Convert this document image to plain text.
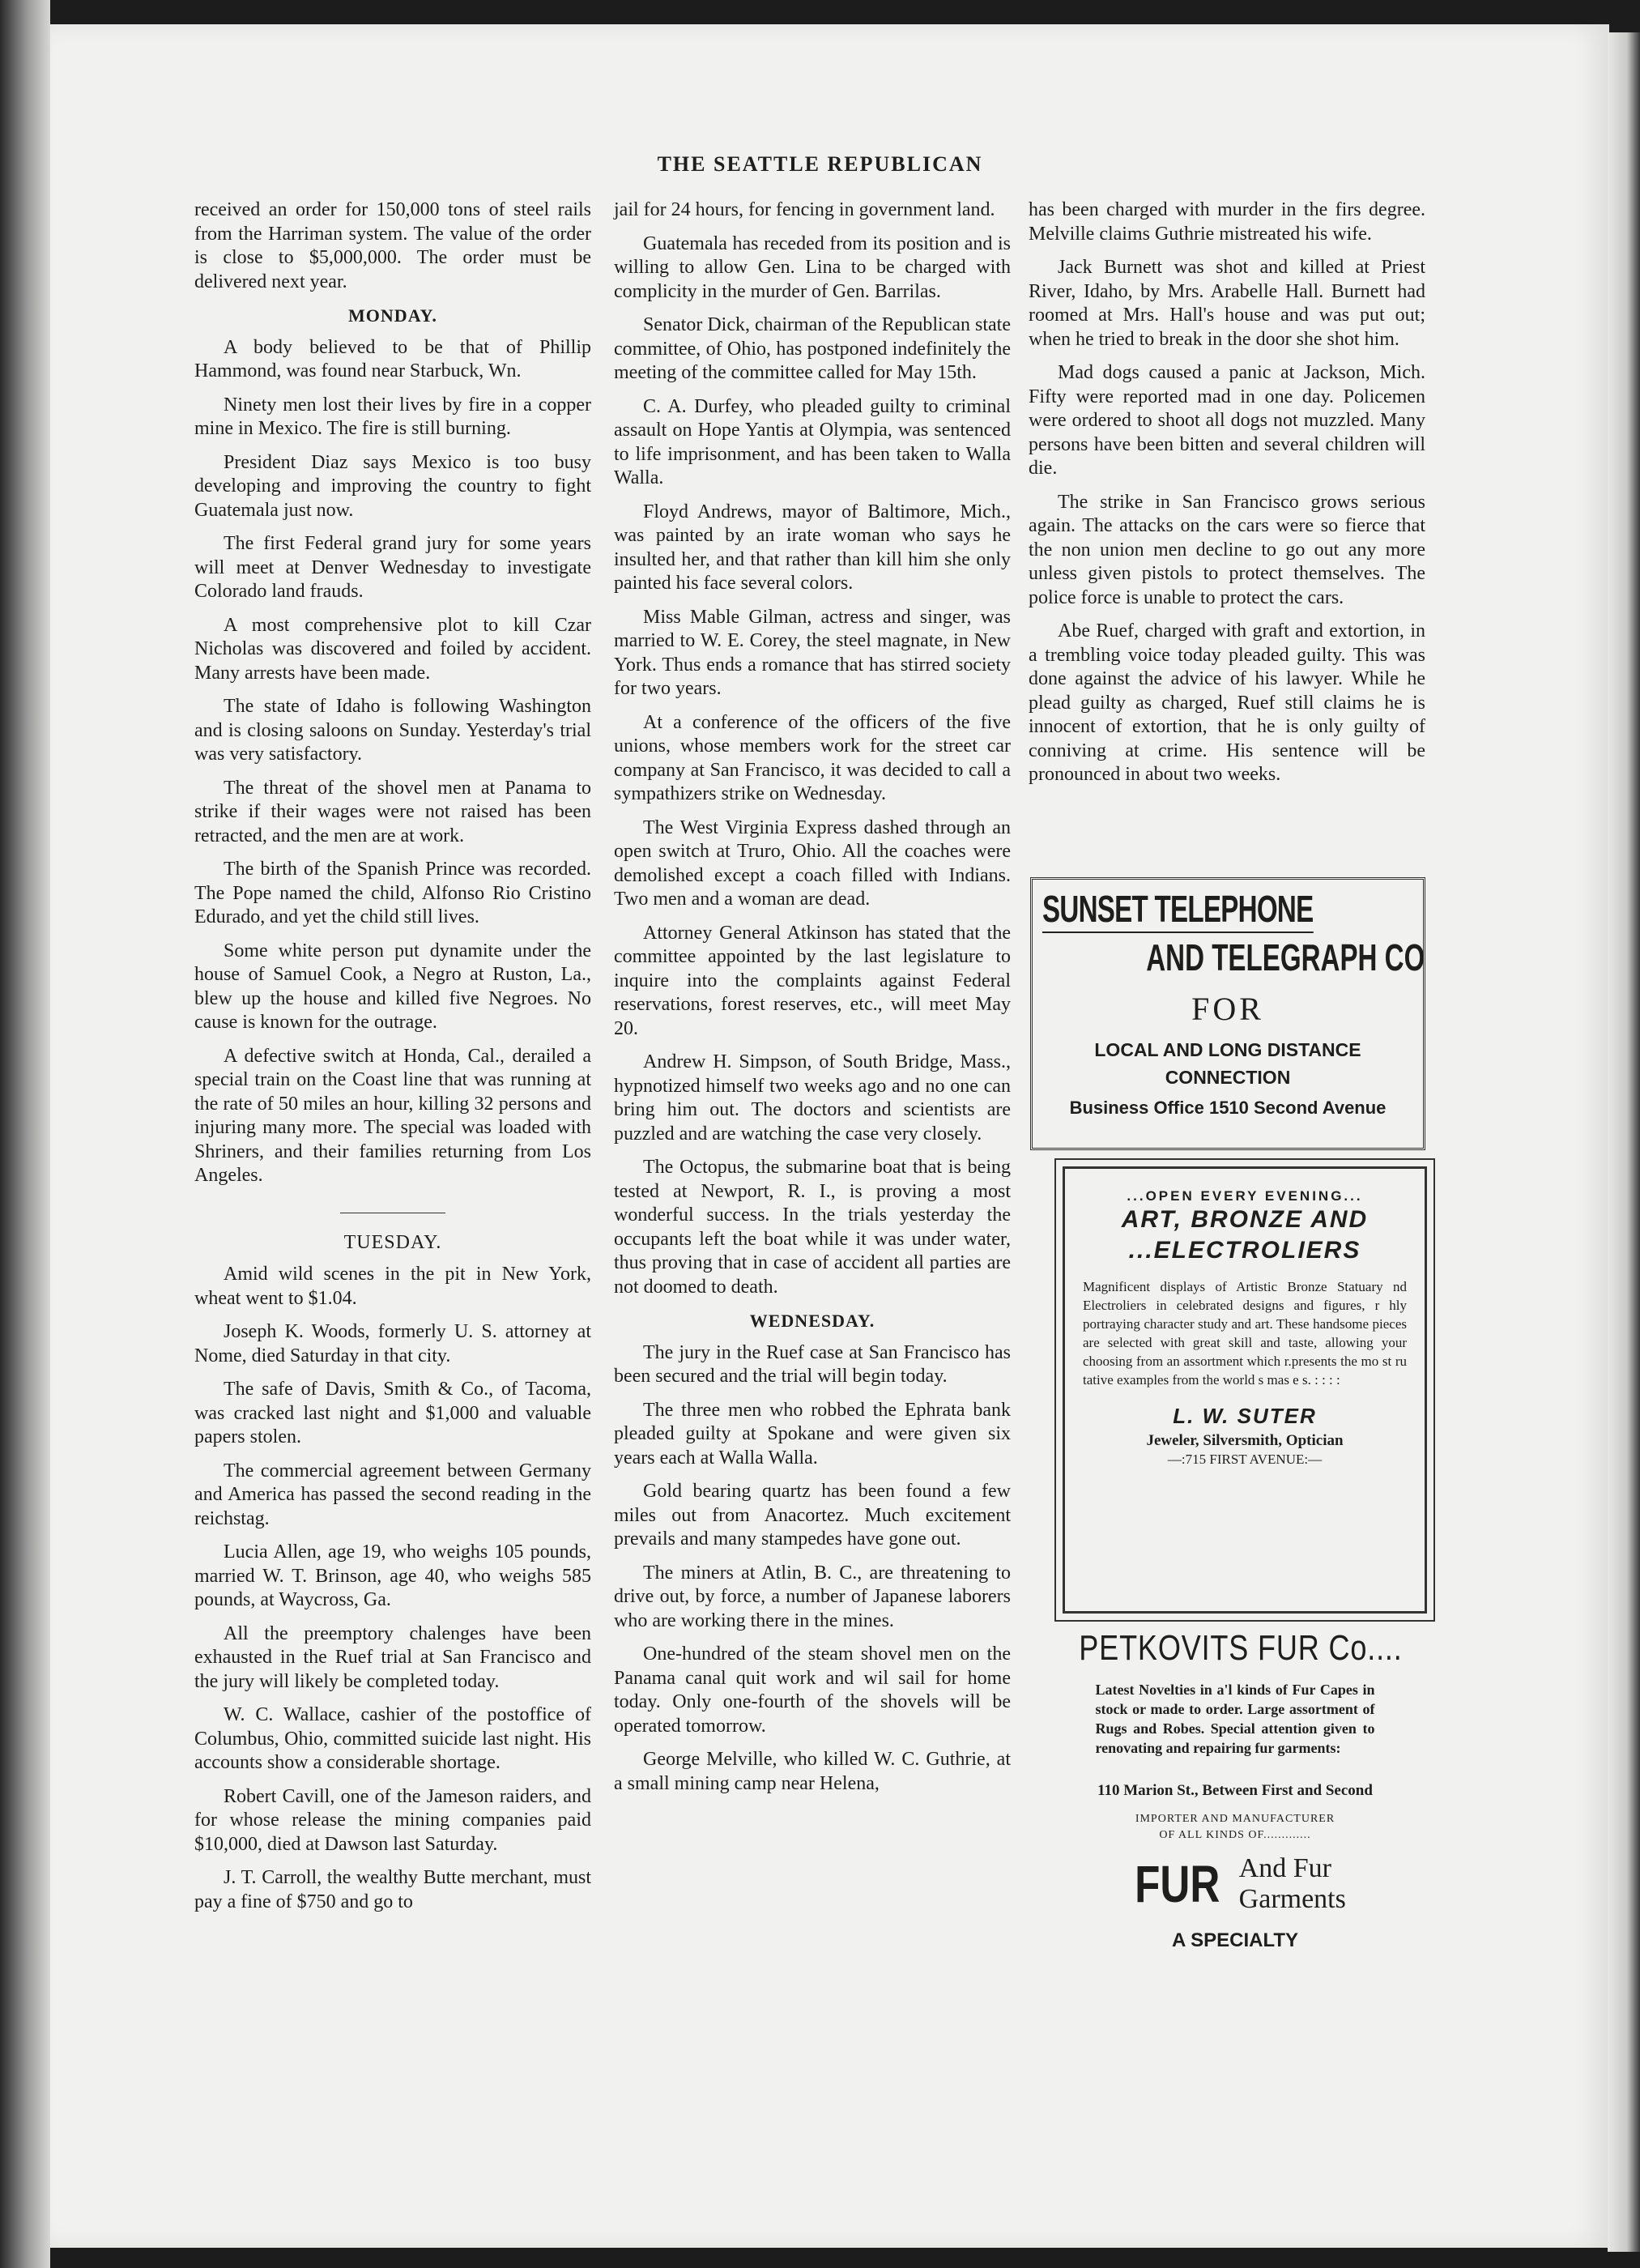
THE SEATTLE REPUBLICAN

received an order for 150,000 tons of steel rails from the Harriman system. The value of the order is close to $5,000,000. The order must be delivered next year.

MONDAY.

A body believed to be that of Phillip Hammond, was found near Starbuck, Wn.

Ninety men lost their lives by fire in a copper mine in Mexico. The fire is still burning.

President Diaz says Mexico is too busy developing and improving the country to fight Guatemala just now.

The first Federal grand jury for some years will meet at Denver Wednesday to investigate Colorado land frauds.

A most comprehensive plot to kill Czar Nicholas was discovered and foiled by accident. Many arrests have been made.

The state of Idaho is following Washington and is closing saloons on Sunday. Yesterday's trial was very satisfactory.

The threat of the shovel men at Panama to strike if their wages were not raised has been retracted, and the men are at work.

The birth of the Spanish Prince was recorded. The Pope named the child, Alfonso Rio Cristino Edurado, and yet the child still lives.

Some white person put dynamite under the house of Samuel Cook, a Negro at Ruston, La., blew up the house and killed five Negroes. No cause is known for the outrage.

A defective switch at Honda, Cal., derailed a special train on the Coast line that was running at the rate of 50 miles an hour, killing 32 persons and injuring many more. The special was loaded with Shriners, and their families returning from Los Angeles.

TUESDAY.

Amid wild scenes in the pit in New York, wheat went to $1.04.

Joseph K. Woods, formerly U. S. attorney at Nome, died Saturday in that city.

The safe of Davis, Smith & Co., of Tacoma, was cracked last night and $1,000 and valuable papers stolen.

The commercial agreement between Germany and America has passed the second reading in the reichstag.

Lucia Allen, age 19, who weighs 105 pounds, married W. T. Brinson, age 40, who weighs 585 pounds, at Waycross, Ga.

All the preemptory chalenges have been exhausted in the Ruef trial at San Francisco and the jury will likely be completed today.

W. C. Wallace, cashier of the postoffice of Columbus, Ohio, committed suicide last night. His accounts show a considerable shortage.

Robert Cavill, one of the Jameson raiders, and for whose release the mining companies paid $10,000, died at Dawson last Saturday.

J. T. Carroll, the wealthy Butte merchant, must pay a fine of $750 and go to

jail for 24 hours, for fencing in government land.

Guatemala has receded from its position and is willing to allow Gen. Lina to be charged with complicity in the murder of Gen. Barrilas.

Senator Dick, chairman of the Republican state committee, of Ohio, has postponed indefinitely the meeting of the committee called for May 15th.

C. A. Durfey, who pleaded guilty to criminal assault on Hope Yantis at Olympia, was sentenced to life imprisonment, and has been taken to Walla Walla.

Floyd Andrews, mayor of Baltimore, Mich., was painted by an irate woman who says he insulted her, and that rather than kill him she only painted his face several colors.

Miss Mable Gilman, actress and singer, was married to W. E. Corey, the steel magnate, in New York. Thus ends a romance that has stirred society for two years.

At a conference of the officers of the five unions, whose members work for the street car company at San Francisco, it was decided to call a sympathizers strike on Wednesday.

The West Virginia Express dashed through an open switch at Truro, Ohio. All the coaches were demolished except a coach filled with Indians. Two men and a woman are dead.

Attorney General Atkinson has stated that the committee appointed by the last legislature to inquire into the complaints against Federal reservations, forest reserves, etc., will meet May 20.

Andrew H. Simpson, of South Bridge, Mass., hypnotized himself two weeks ago and no one can bring him out. The doctors and scientists are puzzled and are watching the case very closely.

The Octopus, the submarine boat that is being tested at Newport, R. I., is proving a most wonderful success. In the trials yesterday the occupants left the boat while it was under water, thus proving that in case of accident all parties are not doomed to death.

WEDNESDAY.

The jury in the Ruef case at San Francisco has been secured and the trial will begin today.

The three men who robbed the Ephrata bank pleaded guilty at Spokane and were given six years each at Walla Walla.

Gold bearing quartz has been found a few miles out from Anacortez. Much excitement prevails and many stampedes have gone out.

The miners at Atlin, B. C., are threatening to drive out, by force, a number of Japanese laborers who are working there in the mines.

One-hundred of the steam shovel men on the Panama canal quit work and wil sail for home today. Only one-fourth of the shovels will be operated tomorrow.

George Melville, who killed W. C. Guthrie, at a small mining camp near Helena,

has been charged with murder in the firs degree. Melville claims Guthrie mistreated his wife.

Jack Burnett was shot and killed at Priest River, Idaho, by Mrs. Arabelle Hall. Burnett had roomed at Mrs. Hall's house and was put out; when he tried to break in the door she shot him.

Mad dogs caused a panic at Jackson, Mich. Fifty were reported mad in one day. Policemen were ordered to shoot all dogs not muzzled. Many persons have been bitten and several children will die.

The strike in San Francisco grows serious again. The attacks on the cars were so fierce that the non union men decline to go out any more unless given pistols to protect themselves. The police force is unable to protect the cars.

Abe Ruef, charged with graft and extortion, in a trembling voice today pleaded guilty. This was done against the advice of his lawyer. While he plead guilty as charged, Ruef still claims he is innocent of extortion, that he is only guilty of conniving at crime. His sentence will be pronounced in about two weeks.

SUNSET TELEPHONE
AND TELEGRAPH CO
FOR
LOCAL AND LONG DISTANCE
CONNECTION
Business Office 1510 Second Avenue
...OPEN EVERY EVENING...
ART, BRONZE AND
...ELECTROLIERS
Magnificent displays of Artistic Bronze Statuary nd Electroliers in celebrated designs and figures, r hly portraying character study and art. These handsome pieces are selected with great skill and taste, allowing your choosing from an assortment which r.presents the mo st ru tative examples from the world s mas e s. : : : :
L. W. SUTER
Jeweler, Silversmith, Optician
—:715 FIRST AVENUE:—
PETKOVITS FUR Co....
Latest Novelties in a'l kinds of Fur Capes in stock or made to order. Large assortment of Rugs and Robes. Special attention given to renovating and repairing fur garments:
110 Marion St., Between First and Second
IMPORTER AND MANUFACTURER
OF ALL KINDS OF.............
FUR And Fur
Garments
A SPECIALTY
